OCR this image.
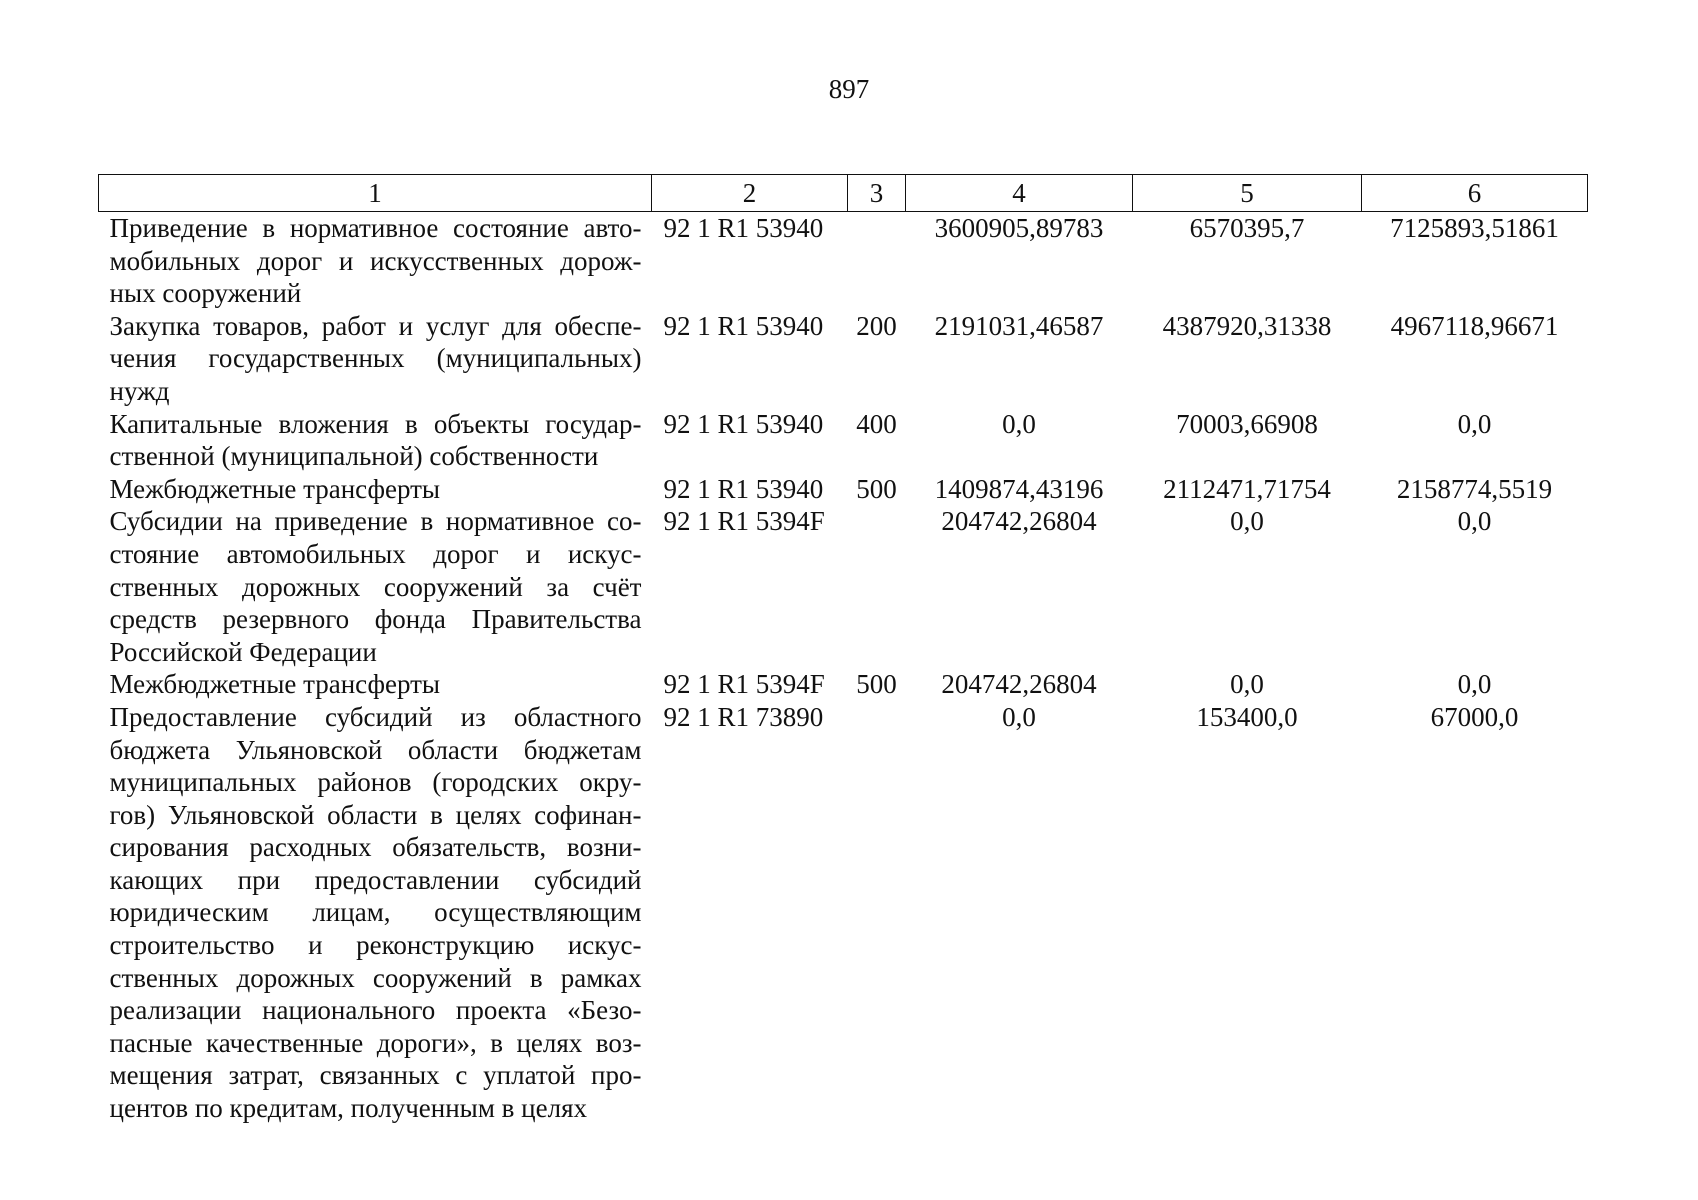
897
1	2	3	4	5	6
Приведение в нормативное состояние авто-мобильных дорог и искусственных дорож-ных сооружений	92 1 R1 53940		3600905,89783	6570395,7	7125893,51861
Закупка товаров, работ и услуг для обеспе-чения государственных (муниципальных) нужд	92 1 R1 53940	200	2191031,46587	4387920,31338	4967118,96671
Капитальные вложения в объекты государ-ственной (муниципальной) собственности	92 1 R1 53940	400	0,0	70003,66908	0,0
Межбюджетные трансферты	92 1 R1 53940	500	1409874,43196	2112471,71754	2158774,5519
Субсидии на приведение в нормативное со-стояние автомобильных дорог и искус-ственных дорожных сооружений за счёт средств резервного фонда Правительства Российской Федерации	92 1 R1 5394F		204742,26804	0,0	0,0
Межбюджетные трансферты	92 1 R1 5394F	500	204742,26804	0,0	0,0
Предоставление субсидий из областного бюджета Ульяновской области бюджетам муниципальных районов (городских окру-гов) Ульяновской области в целях софинан-сирования расходных обязательств, возни-кающих при предоставлении субсидий юридическим лицам, осуществляющим строительство и реконструкцию искус-ственных дорожных сооружений в рамках реализации национального проекта «Безо-пасные качественные дороги», в целях воз-мещения затрат, связанных с уплатой про-центов по кредитам, полученным в целях	92 1 R1 73890		0,0	153400,0	67000,0
